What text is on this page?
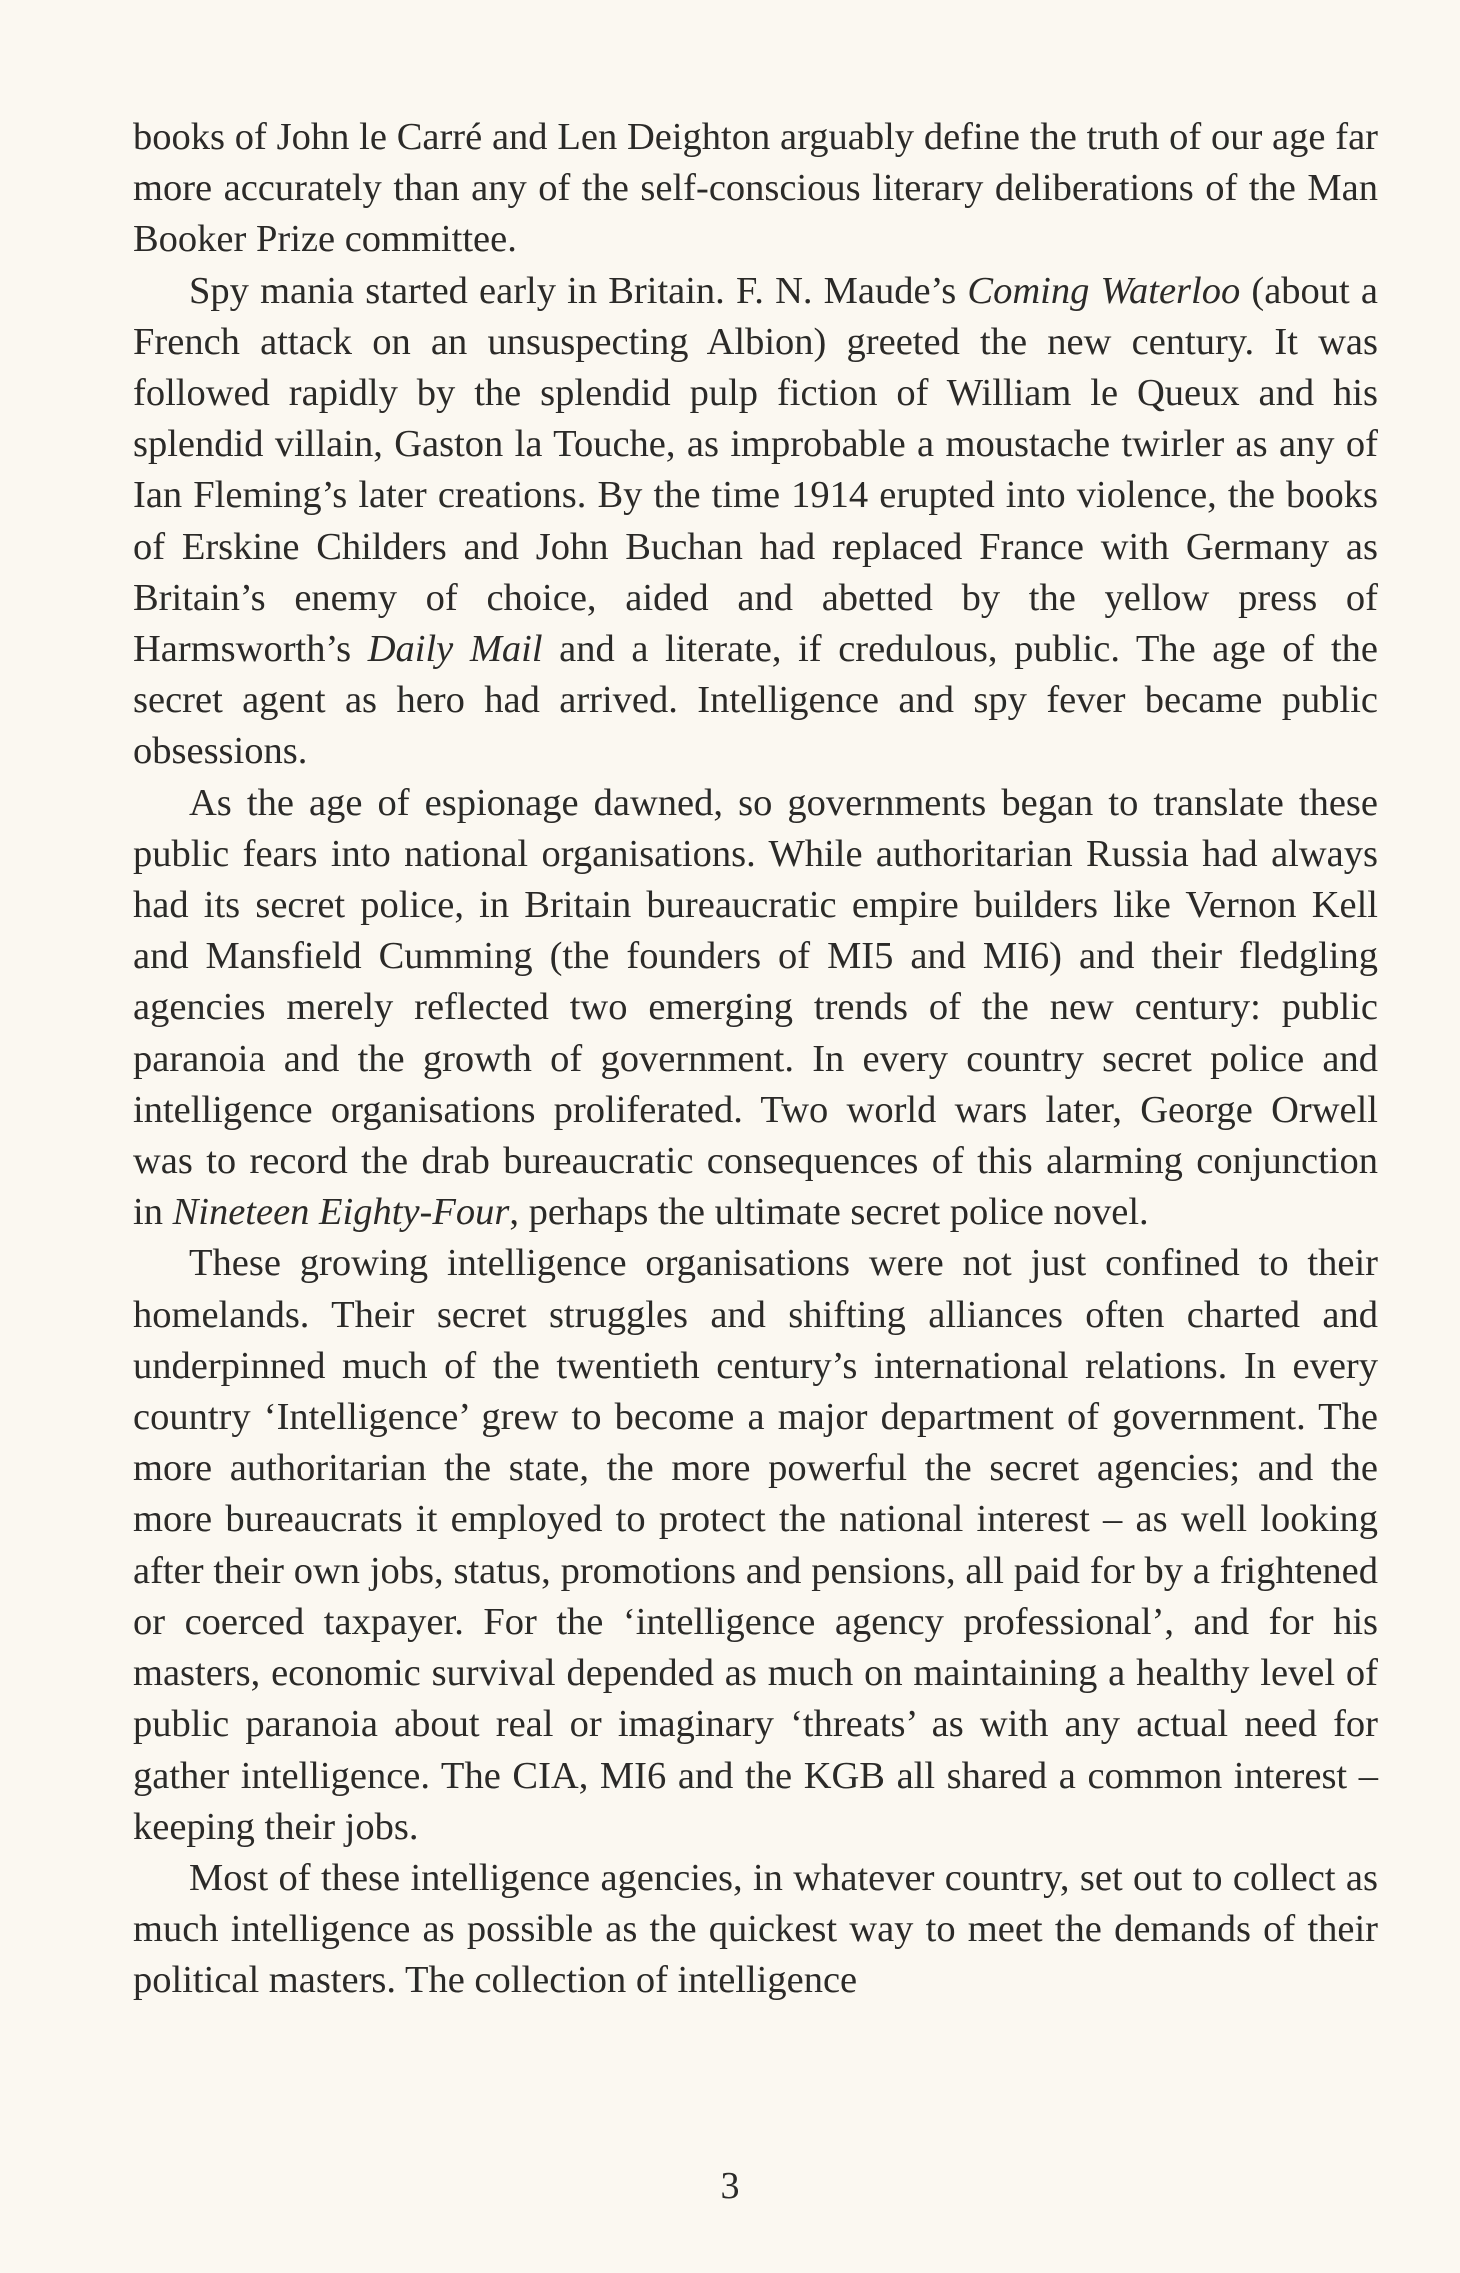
books of John le Carré and Len Deighton arguably define the truth of our age far more accurately than any of the self-conscious literary deliberations of the Man Booker Prize committee.

Spy mania started early in Britain. F. N. Maude’s Coming Waterloo (about a French attack on an unsuspecting Albion) greeted the new century. It was followed rapidly by the splendid pulp fiction of William le Queux and his splendid villain, Gaston la Touche, as improbable a moustache twirler as any of Ian Fleming’s later creations. By the time 1914 erupted into violence, the books of Erskine Childers and John Buchan had replaced France with Germany as Britain’s enemy of choice, aided and abetted by the yellow press of Harmsworth’s Daily Mail and a literate, if credulous, public. The age of the secret agent as hero had arrived. Intelligence and spy fever became public obsessions.

As the age of espionage dawned, so governments began to translate these public fears into national organisations. While authoritarian Russia had always had its secret police, in Britain bureaucratic empire builders like Vernon Kell and Mansfield Cumming (the founders of MI5 and MI6) and their fledgling agencies merely reflected two emerging trends of the new century: public paranoia and the growth of government. In every country secret police and intelligence organisations proliferated. Two world wars later, George Orwell was to record the drab bureaucratic consequences of this alarming conjunction in Nineteen Eighty-Four, perhaps the ultimate secret police novel.

These growing intelligence organisations were not just confined to their homelands. Their secret struggles and shifting alliances often charted and underpinned much of the twentieth century’s international relations. In every country ‘Intelligence’ grew to become a major department of government. The more authoritarian the state, the more powerful the secret agencies; and the more bureaucrats it employed to protect the national interest – as well looking after their own jobs, status, promotions and pensions, all paid for by a frightened or coerced taxpayer. For the ‘intelligence agency professional’, and for his masters, economic survival depended as much on maintaining a healthy level of public paranoia about real or imaginary ‘threats’ as with any actual need for gather intelligence. The CIA, MI6 and the KGB all shared a common interest – keeping their jobs.

Most of these intelligence agencies, in whatever country, set out to collect as much intelligence as possible as the quickest way to meet the demands of their political masters. The collection of intelligence

3
